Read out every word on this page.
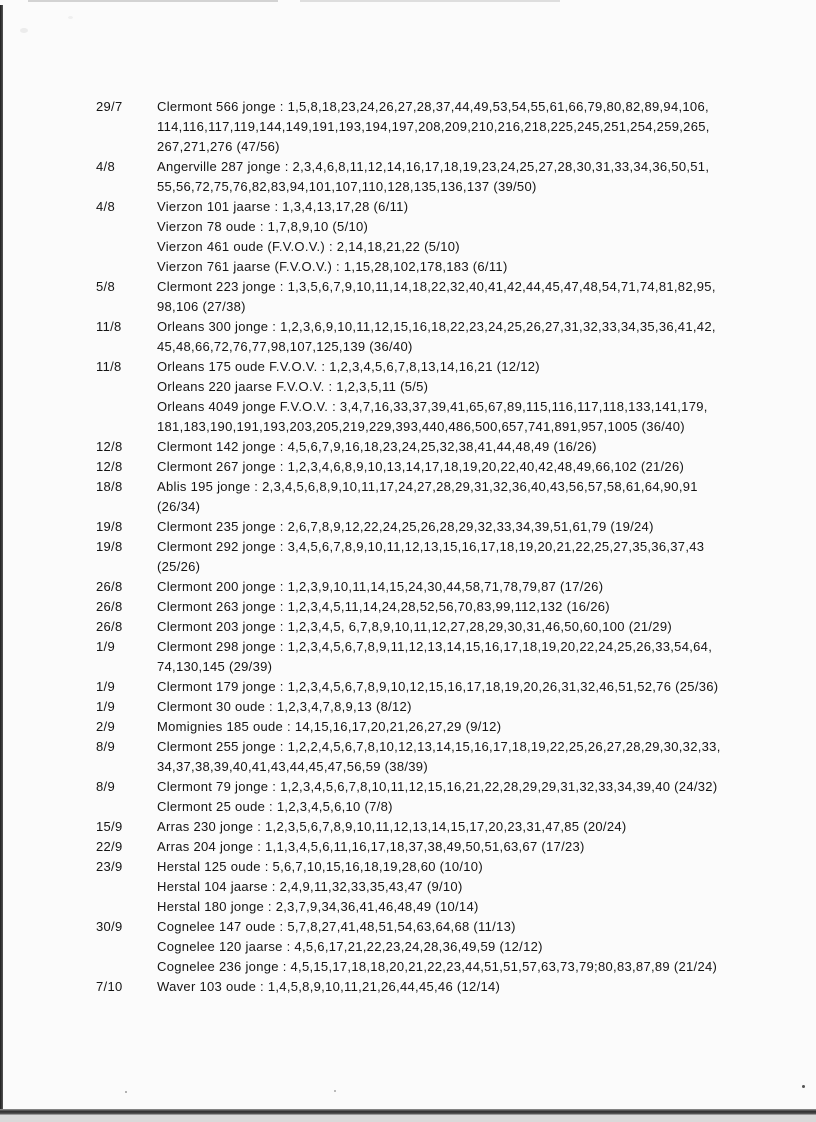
29/7	Clermont 566 jonge : 1,5,8,18,23,24,26,27,28,37,44,49,53,54,55,61,66,79,80,82,89,94,106,
114,116,117,119,144,149,191,193,194,197,208,209,210,216,218,225,245,251,254,259,265,
267,271,276 (47/56)
4/8	Angerville 287 jonge : 2,3,4,6,8,11,12,14,16,17,18,19,23,24,25,27,28,30,31,33,34,36,50,51,
55,56,72,75,76,82,83,94,101,107,110,128,135,136,137 (39/50)
4/8	Vierzon 101 jaarse : 1,3,4,13,17,28 (6/11)
Vierzon 78 oude : 1,7,8,9,10 (5/10)
Vierzon 461 oude (F.V.O.V.) : 2,14,18,21,22 (5/10)
Vierzon 761 jaarse (F.V.O.V.) : 1,15,28,102,178,183 (6/11)
5/8	Clermont 223 jonge : 1,3,5,6,7,9,10,11,14,18,22,32,40,41,42,44,45,47,48,54,71,74,81,82,95,
98,106 (27/38)
11/8	Orleans 300 jonge : 1,2,3,6,9,10,11,12,15,16,18,22,23,24,25,26,27,31,32,33,34,35,36,41,42,
45,48,66,72,76,77,98,107,125,139 (36/40)
11/8	Orleans 175 oude F.V.O.V. : 1,2,3,4,5,6,7,8,13,14,16,21 (12/12)
Orleans 220 jaarse F.V.O.V. : 1,2,3,5,11 (5/5)
Orleans 4049 jonge F.V.O.V. : 3,4,7,16,33,37,39,41,65,67,89,115,116,117,118,133,141,179,
181,183,190,191,193,203,205,219,229,393,440,486,500,657,741,891,957,1005 (36/40)
12/8	Clermont 142 jonge : 4,5,6,7,9,16,18,23,24,25,32,38,41,44,48,49 (16/26)
12/8	Clermont 267 jonge : 1,2,3,4,6,8,9,10,13,14,17,18,19,20,22,40,42,48,49,66,102 (21/26)
18/8	Ablis 195 jonge : 2,3,4,5,6,8,9,10,11,17,24,27,28,29,31,32,36,40,43,56,57,58,61,64,90,91
(26/34)
19/8	Clermont 235 jonge : 2,6,7,8,9,12,22,24,25,26,28,29,32,33,34,39,51,61,79 (19/24)
19/8	Clermont 292 jonge : 3,4,5,6,7,8,9,10,11,12,13,15,16,17,18,19,20,21,22,25,27,35,36,37,43
(25/26)
26/8	Clermont 200 jonge : 1,2,3,9,10,11,14,15,24,30,44,58,71,78,79,87 (17/26)
26/8	Clermont 263 jonge : 1,2,3,4,5,11,14,24,28,52,56,70,83,99,112,132 (16/26)
26/8	Clermont 203 jonge : 1,2,3,4,5, 6,7,8,9,10,11,12,27,28,29,30,31,46,50,60,100 (21/29)
1/9	Clermont 298 jonge : 1,2,3,4,5,6,7,8,9,11,12,13,14,15,16,17,18,19,20,22,24,25,26,33,54,64,
74,130,145 (29/39)
1/9	Clermont 179 jonge : 1,2,3,4,5,6,7,8,9,10,12,15,16,17,18,19,20,26,31,32,46,51,52,76 (25/36)
1/9	Clermont 30 oude : 1,2,3,4,7,8,9,13 (8/12)
2/9	Momignies 185 oude : 14,15,16,17,20,21,26,27,29 (9/12)
8/9	Clermont 255 jonge : 1,2,2,4,5,6,7,8,10,12,13,14,15,16,17,18,19,22,25,26,27,28,29,30,32,33,
34,37,38,39,40,41,43,44,45,47,56,59 (38/39)
8/9	Clermont 79 jonge : 1,2,3,4,5,6,7,8,10,11,12,15,16,21,22,28,29,29,31,32,33,34,39,40 (24/32)
Clermont 25 oude : 1,2,3,4,5,6,10 (7/8)
15/9	Arras 230 jonge : 1,2,3,5,6,7,8,9,10,11,12,13,14,15,17,20,23,31,47,85 (20/24)
22/9	Arras 204 jonge : 1,1,3,4,5,6,11,16,17,18,37,38,49,50,51,63,67 (17/23)
23/9	Herstal 125 oude : 5,6,7,10,15,16,18,19,28,60 (10/10)
Herstal 104 jaarse : 2,4,9,11,32,33,35,43,47 (9/10)
Herstal 180 jonge : 2,3,7,9,34,36,41,46,48,49 (10/14)
30/9	Cognelee 147 oude : 5,7,8,27,41,48,51,54,63,64,68 (11/13)
Cognelee 120 jaarse : 4,5,6,17,21,22,23,24,28,36,49,59 (12/12)
Cognelee 236 jonge : 4,5,15,17,18,18,20,21,22,23,44,51,51,57,63,73,79;80,83,87,89 (21/24)
7/10	Waver 103 oude : 1,4,5,8,9,10,11,21,26,44,45,46 (12/14)
